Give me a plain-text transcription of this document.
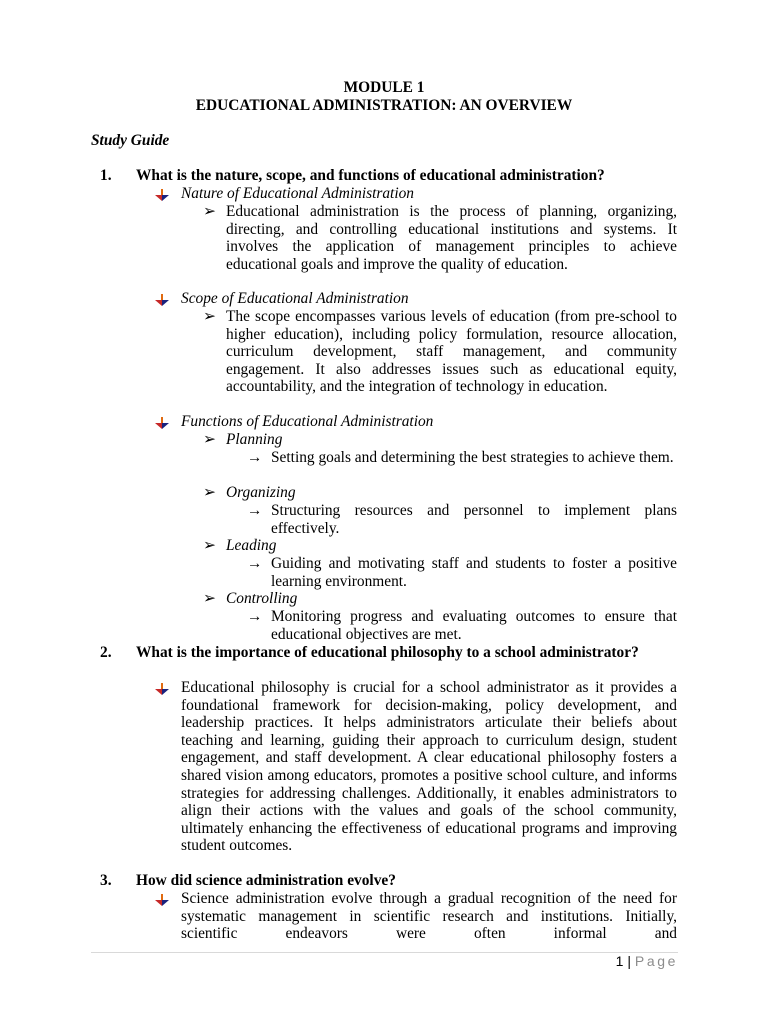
MODULE 1
EDUCATIONAL ADMINISTRATION: AN OVERVIEW
Study Guide
1. What is the nature, scope, and functions of educational administration?
Nature of Educational Administration
➢ Educational administration is the process of planning, organizing, directing, and controlling educational institutions and systems. It involves the application of management principles to achieve educational goals and improve the quality of education.
Scope of Educational Administration
➢ The scope encompasses various levels of education (from pre-school to higher education), including policy formulation, resource allocation, curriculum development, staff management, and community engagement. It also addresses issues such as educational equity, accountability, and the integration of technology in education.
Functions of Educational Administration
➢ Planning
→ Setting goals and determining the best strategies to achieve them.
➢ Organizing
→ Structuring resources and personnel to implement plans effectively.
➢ Leading
→ Guiding and motivating staff and students to foster a positive learning environment.
➢ Controlling
→ Monitoring progress and evaluating outcomes to ensure that educational objectives are met.
2. What is the importance of educational philosophy to a school administrator?
Educational philosophy is crucial for a school administrator as it provides a foundational framework for decision-making, policy development, and leadership practices. It helps administrators articulate their beliefs about teaching and learning, guiding their approach to curriculum design, student engagement, and staff development. A clear educational philosophy fosters a shared vision among educators, promotes a positive school culture, and informs strategies for addressing challenges. Additionally, it enables administrators to align their actions with the values and goals of the school community, ultimately enhancing the effectiveness of educational programs and improving student outcomes.
3. How did science administration evolve?
Science administration evolve through a gradual recognition of the need for systematic management in scientific research and institutions. Initially, scientific endeavors were often informal and
1 | Page
